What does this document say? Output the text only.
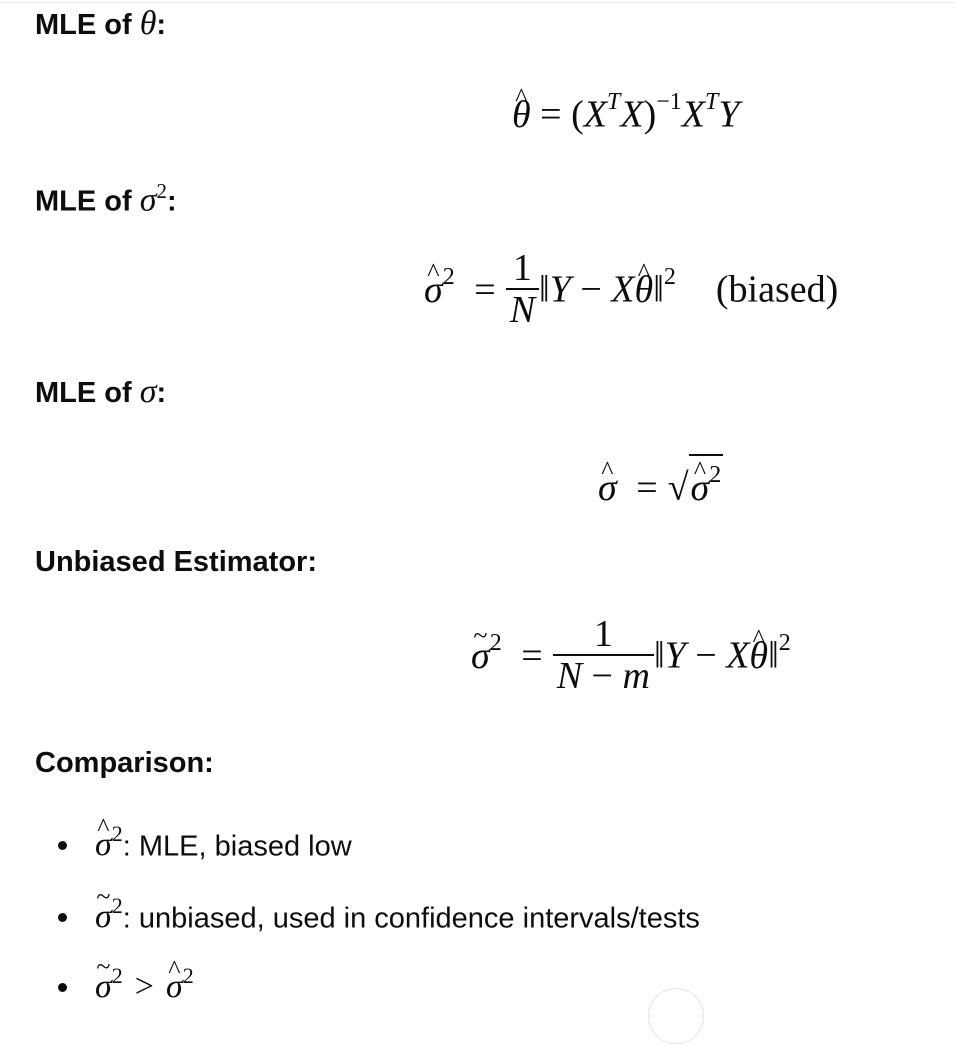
MLE of θ:
θ ^ = $(X^TX)^{-1}X^TY$
MLE of $\sigma^2$:
σ ^$^2$ = $\frac{1}{N}$ ‖Y − Xθ ^‖$^2$ (biased)
MLE of σ:
σ ^ = √σ ^$^2$
Unbiased Estimator:
σ ~$^2$ = $\frac{1}{N - m}$ ‖Y − Xθ ^‖$^2$
Comparison:
σ ^$^2$: MLE, biased low
σ ~$^2$: unbiased, used in confidence intervals/tests
σ ~$^2$ > σ ^$^2$
